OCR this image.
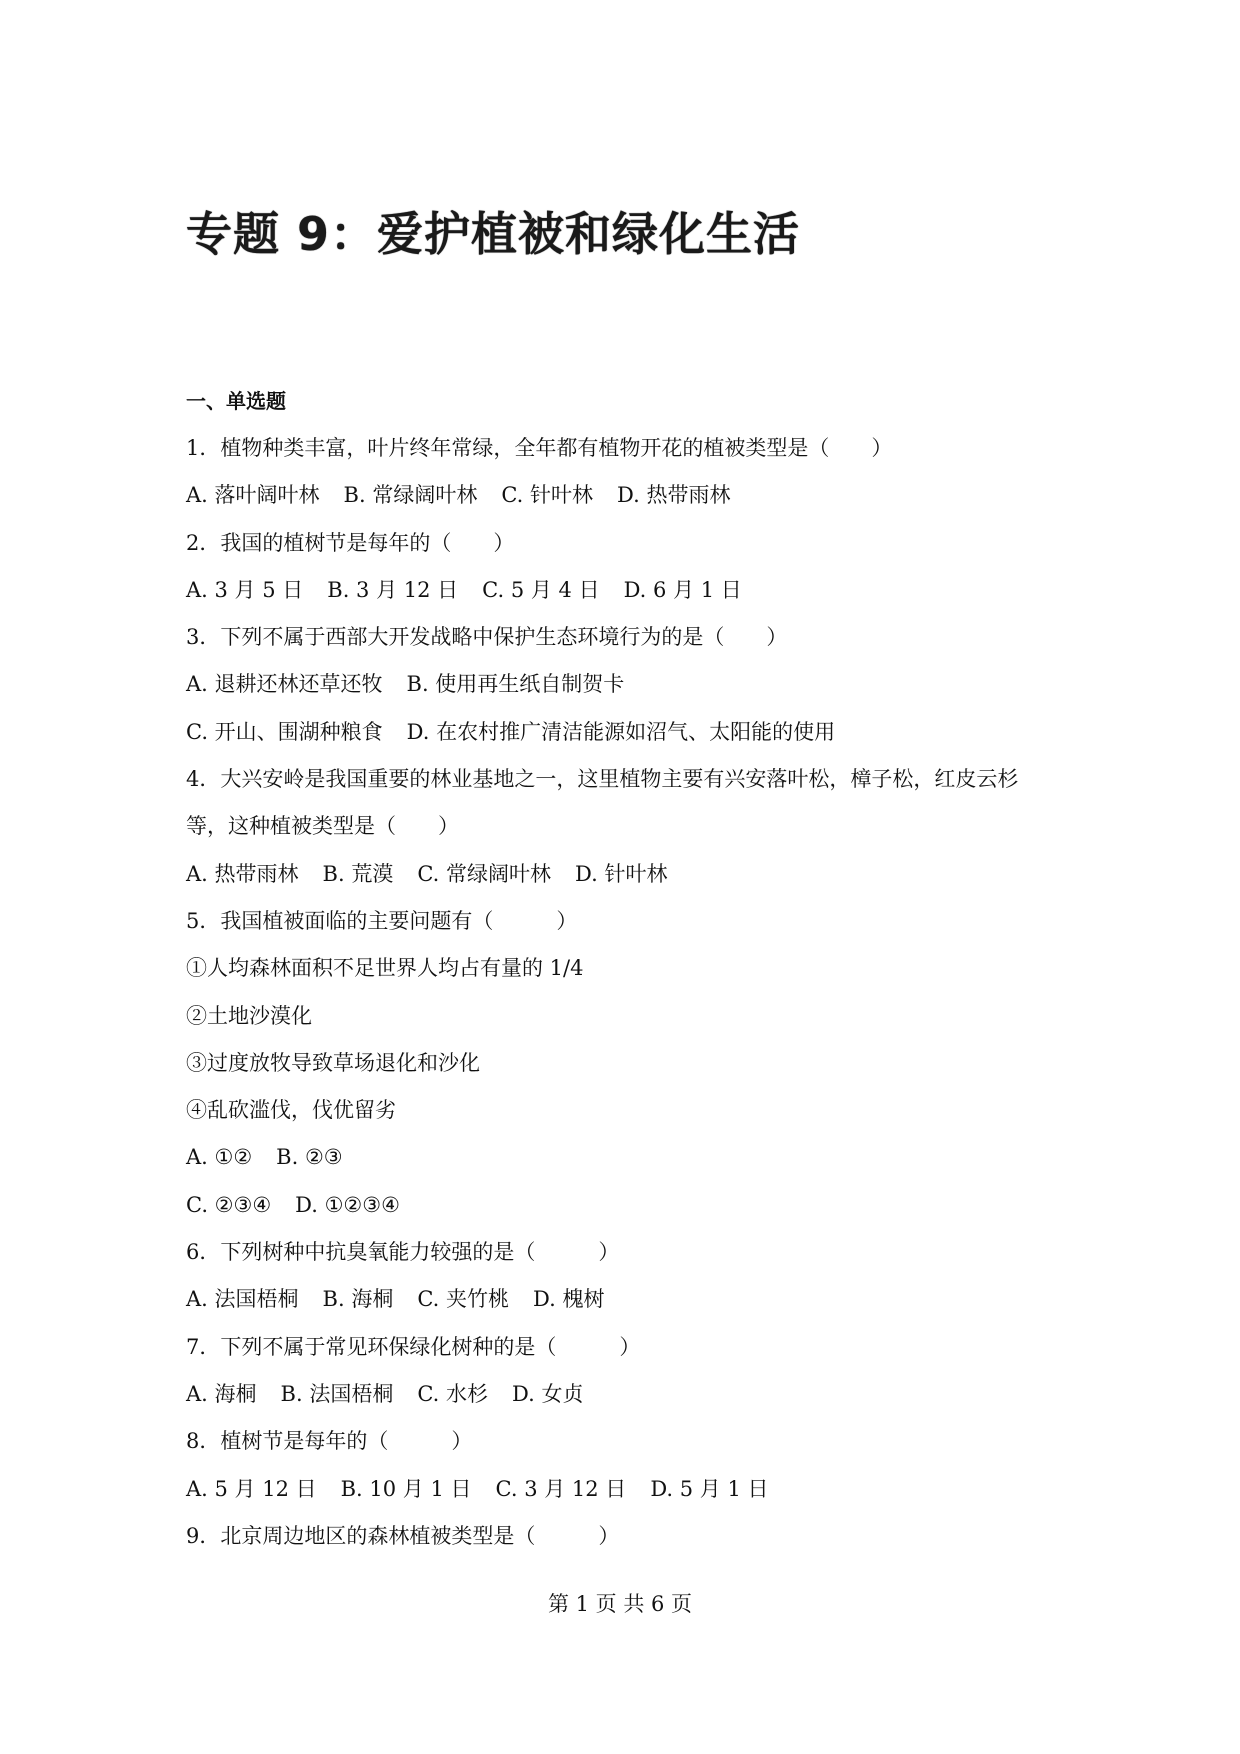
专题 9：爱护植被和绿化生活
一、单选题
1．植物种类丰富，叶片终年常绿，全年都有植物开花的植被类型是（　　）
A. 落叶阔叶林 B. 常绿阔叶林 C. 针叶林 D. 热带雨林
2．我国的植树节是每年的（　　）
A. 3 月 5 日 B. 3 月 12 日 C. 5 月 4 日 D. 6 月 1 日
3．下列不属于西部大开发战略中保护生态环境行为的是（　　）
A. 退耕还林还草还牧 B. 使用再生纸自制贺卡
C. 开山、围湖种粮食 D. 在农村推广清洁能源如沼气、太阳能的使用
4．大兴安岭是我国重要的林业基地之一，这里植物主要有兴安落叶松，樟子松，红皮云杉
等，这种植被类型是（　　）
A. 热带雨林 B. 荒漠 C. 常绿阔叶林 D. 针叶林
5．我国植被面临的主要问题有（　　　）
①人均森林面积不足世界人均占有量的 1/4
②土地沙漠化
③过度放牧导致草场退化和沙化
④乱砍滥伐，伐优留劣
A. ①② B. ②③
C. ②③④ D. ①②③④
6．下列树种中抗臭氧能力较强的是（　　　）
A. 法国梧桐 B. 海桐 C. 夹竹桃 D. 槐树
7．下列不属于常见环保绿化树种的是（　　　）
A. 海桐 B. 法国梧桐 C. 水杉 D. 女贞
8．植树节是每年的（　　　）
A. 5 月 12 日 B. 10 月 1 日 C. 3 月 12 日 D. 5 月 1 日
9．北京周边地区的森林植被类型是（　　　）
第 1 页 共 6 页
